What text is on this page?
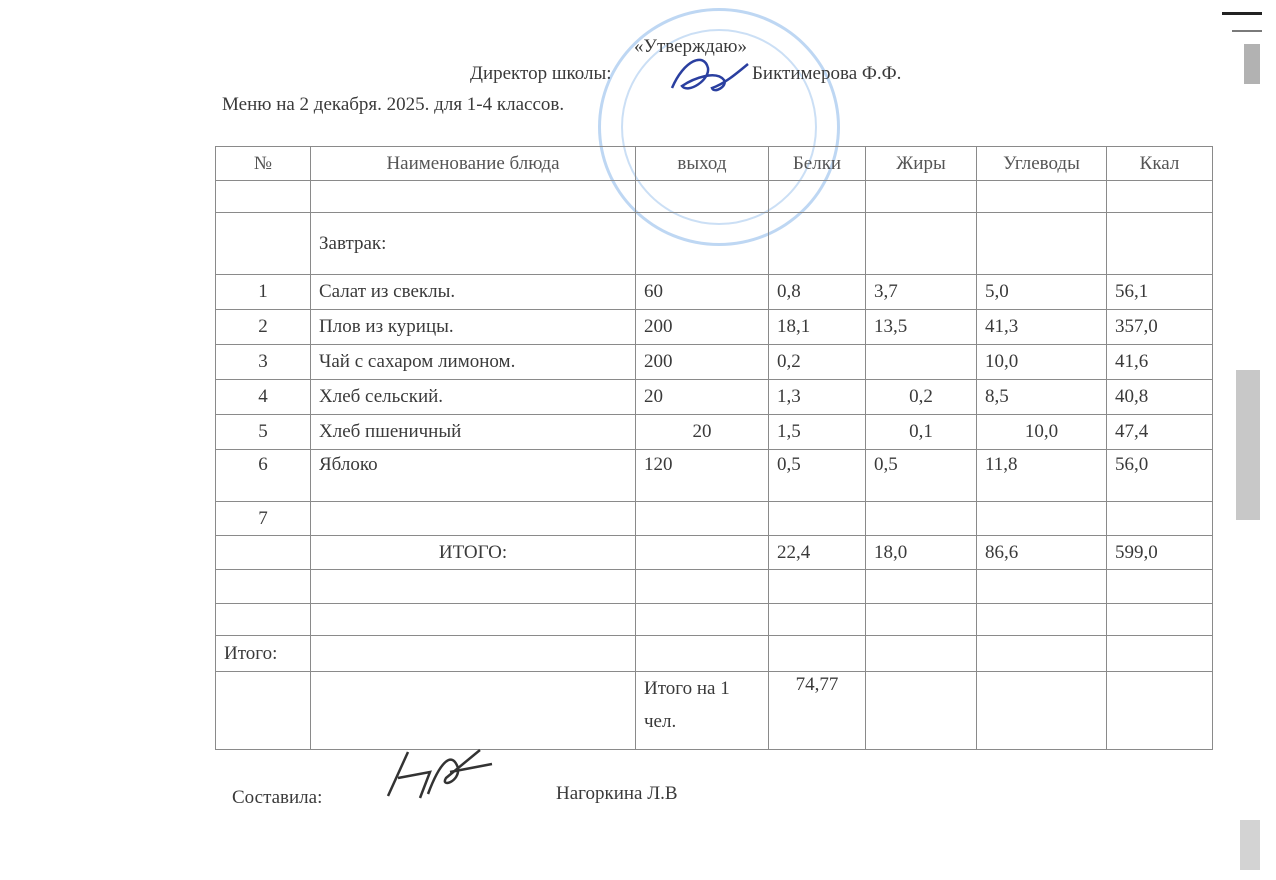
«Утверждаю»
Директор школы:	Биктимерова Ф.Ф.
Меню на 2 декабря. 2025. для 1-4 классов.
№	Наименование блюда	выход	Белки	Жиры	Углеводы	Ккал

	Завтрак:					
1	Салат из свеклы.	60	0,8	3,7	5,0	56,1
2	Плов из курицы.	200	18,1	13,5	41,3	357,0
3	Чай с сахаром лимоном.	200	0,2		10,0	41,6
4	Хлеб сельский.	20	1,3	0,2	8,5	40,8
5	Хлеб пшеничный	20	1,5	0,1	10,0	47,4
6	Яблоко	120	0,5	0,5	11,8	56,0
7						
	ИТОГО:		22,4	18,0	86,6	599,0

Итого:						
		Итого на 1 чел.	74,77			
Составила:	Нагоркина Л.В
